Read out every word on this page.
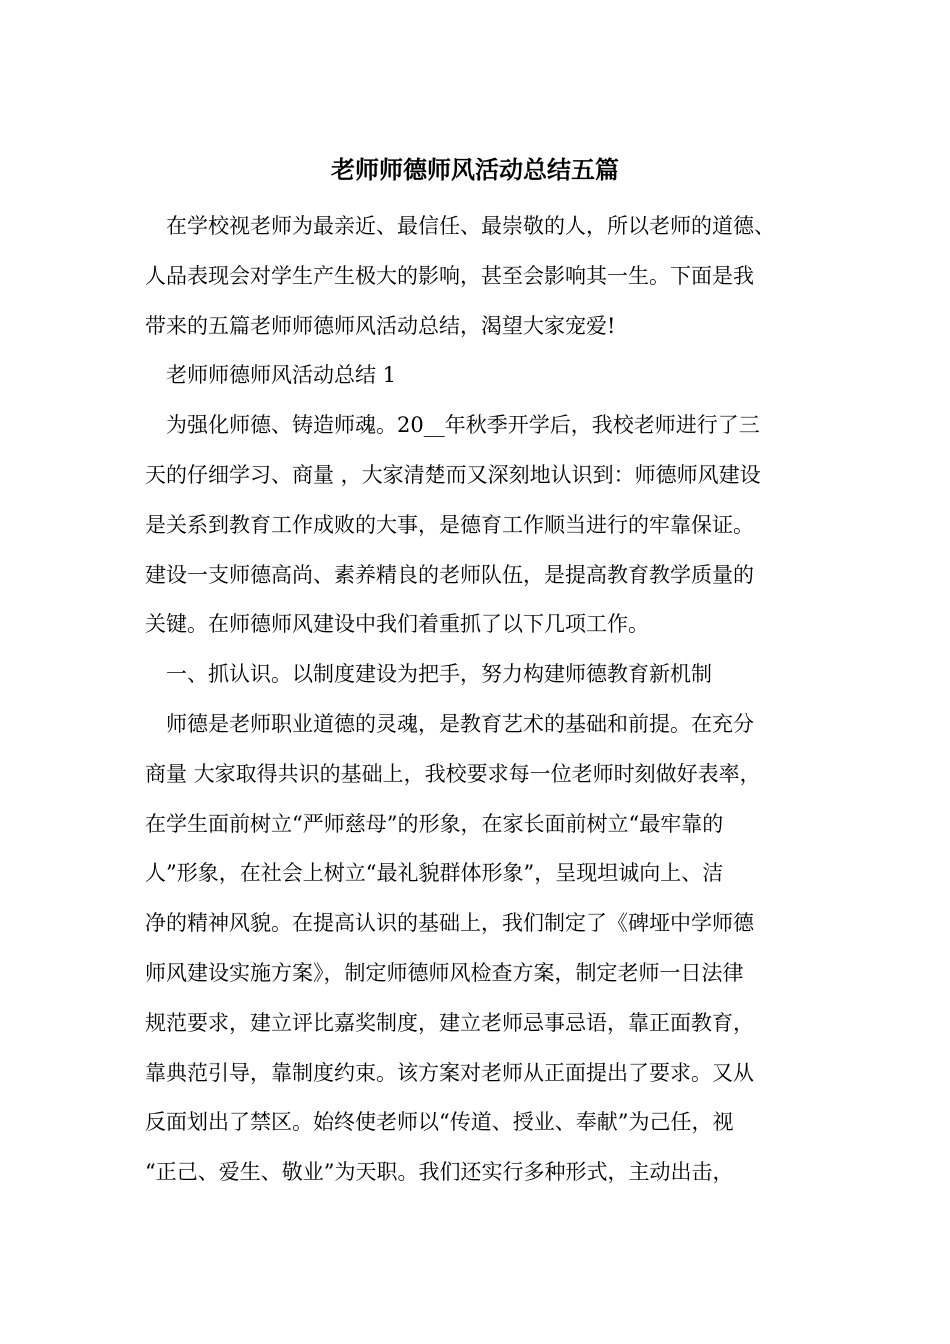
老师师德师风活动总结五篇
在学校视老师为最亲近、最信任、最崇敬的人，所以老师的道德、
人品表现会对学生产生极大的影响，甚至会影响其一生。下面是我
带来的五篇老师师德师风活动总结，渴望大家宠爱!
老师师德师风活动总结 1
为强化师德、铸造师魂。20__年秋季开学后，我校老师进行了三
天的仔细学习、商量 ，大家清楚而又深刻地认识到：师德师风建设
是关系到教育工作成败的大事，是德育工作顺当进行的牢靠保证。
建设一支师德高尚、素养精良的老师队伍，是提高教育教学质量的
关键。在师德师风建设中我们着重抓了以下几项工作。
一、抓认识。以制度建设为把手，努力构建师德教育新机制
师德是老师职业道德的灵魂，是教育艺术的基础和前提。在充分
商量 大家取得共识的基础上，我校要求每一位老师时刻做好表率，
在学生面前树立“严师慈母”的形象，在家长面前树立“最牢靠的
人”形象，在社会上树立“最礼貌群体形象”，呈现坦诚向上、洁
净的精神风貌。在提高认识的基础上，我们制定了《碑垭中学师德
师风建设实施方案》，制定师德师风检查方案，制定老师一日法律
规范要求，建立评比嘉奖制度，建立老师忌事忌语，靠正面教育，
靠典范引导，靠制度约束。该方案对老师从正面提出了要求。又从
反面划出了禁区。始终使老师以“传道、授业、奉献”为己任，视
“正己、爱生、敬业”为天职。我们还实行多种形式，主动出击，
